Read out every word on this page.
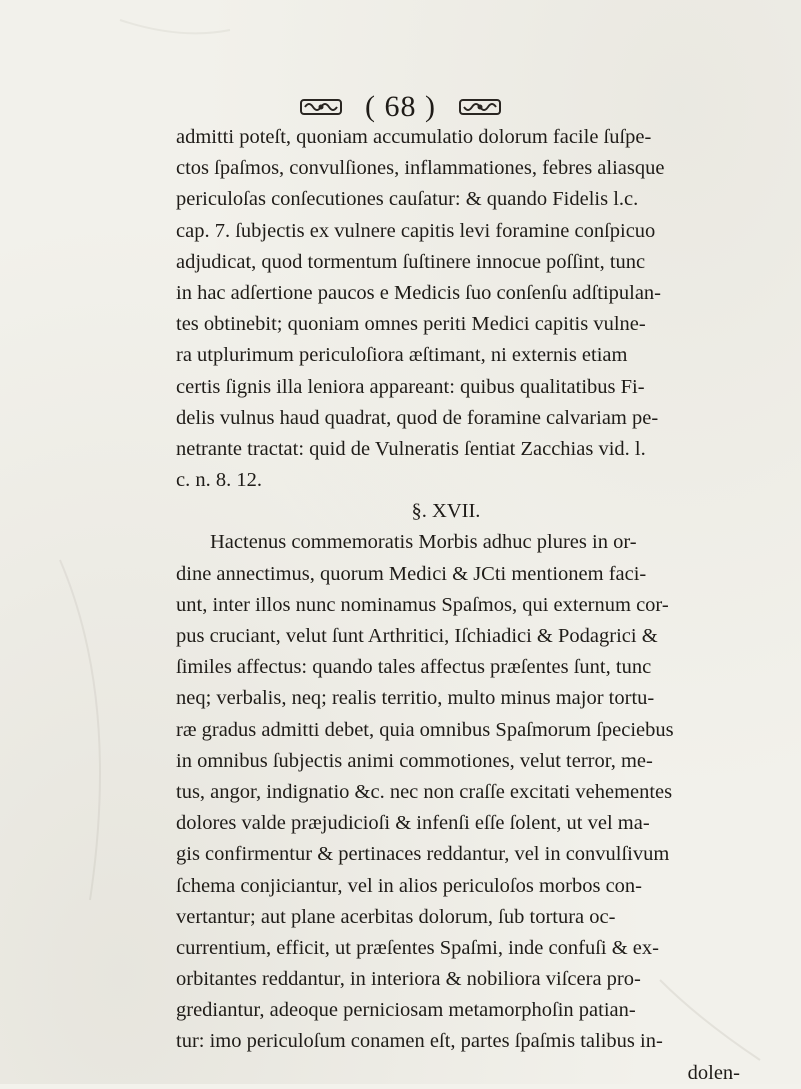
( 68 )
admitti poteſt, quoniam accumulatio dolorum facile ſuſpe-
ctos ſpaſmos, convulſiones, inflammationes, febres aliasque
periculoſas conſecutiones cauſatur: & quando Fidelis l.c.
cap. 7. ſubjectis ex vulnere capitis levi foramine conſpicuo
adjudicat, quod tormentum ſuſtinere innocue poſſint, tunc
in hac adſertione paucos e Medicis ſuo conſenſu adſtipulan-
tes obtinebit; quoniam omnes periti Medici capitis vulne-
ra utplurimum periculoſiora æſtimant, ni externis etiam
certis ſignis illa leniora appareant: quibus qualitatibus Fi-
delis vulnus haud quadrat, quod de foramine calvariam pe-
netrante tractat: quid de Vulneratis ſentiat Zacchias vid. l.
c. n. 8. 12.
§. XVII.
Hactenus commemoratis Morbis adhuc plures in or-
dine annectimus, quorum Medici & JCti mentionem faci-
unt, inter illos nunc nominamus Spaſmos, qui externum cor-
pus cruciant, velut ſunt Arthritici, Iſchiadici & Podagrici &
ſimiles affectus: quando tales affectus præſentes ſunt, tunc
neq; verbalis, neq; realis territio, multo minus major tortu-
ræ gradus admitti debet, quia omnibus Spaſmorum ſpeciebus
in omnibus ſubjectis animi commotiones, velut terror, me-
tus, angor, indignatio &c. nec non craſſe excitati vehementes
dolores valde præjudicioſi & infenſi eſſe ſolent, ut vel ma-
gis confirmentur & pertinaces reddantur, vel in convulſivum
ſchema conjiciantur, vel in alios periculoſos morbos con-
vertantur; aut plane acerbitas dolorum, ſub tortura oc-
currentium, efficit, ut præſentes Spaſmi, inde confuſi & ex-
orbitantes reddantur, in interiora & nobiliora viſcera pro-
grediantur, adeoque perniciosam metamorphoſin patian-
tur: imo periculoſum conamen eſt, partes ſpaſmis talibus in-
dolen-
